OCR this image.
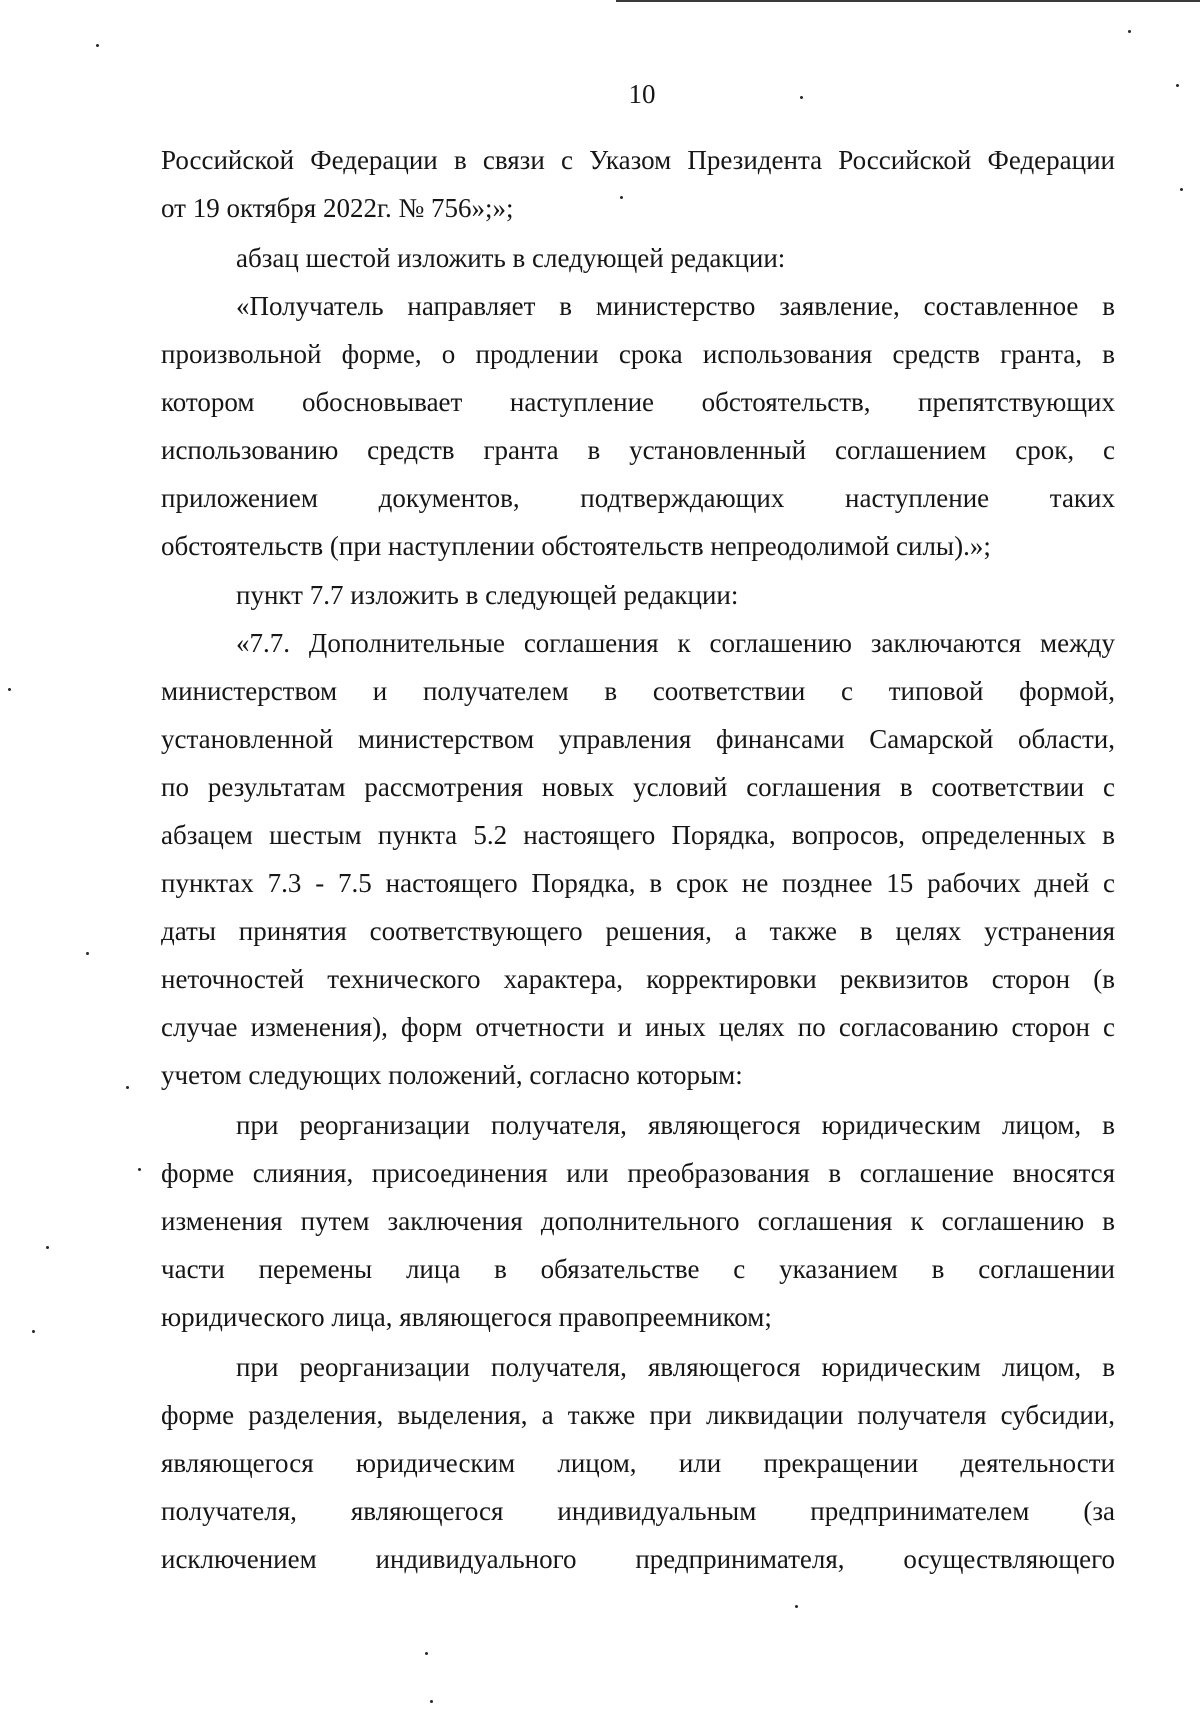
10
Российской Федерации в связи с Указом Президента Российской Федерации
от 19 октября 2022г. № 756»;»;
абзац шестой изложить в следующей редакции:
«Получатель направляет в министерство заявление, составленное в
произвольной форме, о продлении срока использования средств гранта, в
котором обосновывает наступление обстоятельств, препятствующих
использованию средств гранта в установленный соглашением срок, с
приложением документов, подтверждающих наступление таких
обстоятельств (при наступлении обстоятельств непреодолимой силы).»;
пункт 7.7 изложить в следующей редакции:
«7.7. Дополнительные соглашения к соглашению заключаются между
министерством и получателем в соответствии с типовой формой,
установленной министерством управления финансами Самарской области,
по результатам рассмотрения новых условий соглашения в соответствии с
абзацем шестым пункта 5.2 настоящего Порядка, вопросов, определенных в
пунктах 7.3 - 7.5 настоящего Порядка, в срок не позднее 15 рабочих дней с
даты принятия соответствующего решения, а также в целях устранения
неточностей технического характера, корректировки реквизитов сторон (в
случае изменения), форм отчетности и иных целях по согласованию сторон с
учетом следующих положений, согласно которым:
при реорганизации получателя, являющегося юридическим лицом, в
форме слияния, присоединения или преобразования в соглашение вносятся
изменения путем заключения дополнительного соглашения к соглашению в
части перемены лица в обязательстве с указанием в соглашении
юридического лица, являющегося правопреемником;
при реорганизации получателя, являющегося юридическим лицом, в
форме разделения, выделения, а также при ликвидации получателя субсидии,
являющегося юридическим лицом, или прекращении деятельности
получателя, являющегося индивидуальным предпринимателем (за
исключением индивидуального предпринимателя, осуществляющего
